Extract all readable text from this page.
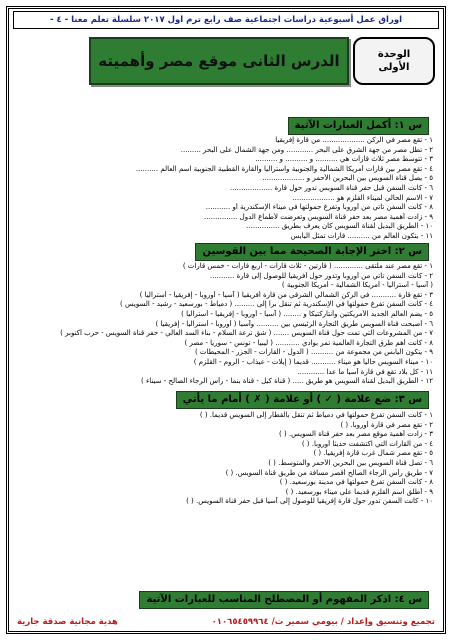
اوراق عمل أسبوعية دراسات اجتماعية صف رابع ترم اول ٢٠١٧ سلسلة تعلم معنا - ٤ -
الوحدة
الأولى
الدرس الثانى موقع مصر وأهميته
س ١: أكمل العبارات الآتية
١ - تقع مصر في الركن ................... من قارة إفريقيا
٢ - تطل مصر من جهة الشرق على البحر ............ ومن جهة الشمال على البحر .........
٣ - تتوسط مصر ثلاث قارات هي .......... و .......... و ..........
٤ - تقع مصر بين قارات أمريكا الشمالية والجنوبية واستراليا والقارة القطبية الجنوبية اسم العالم ..........
٥ - يصل قناة السويس بين البحرين الأحمر و ...................
٦ - كانت السفن قبل حفر قناة السويس تدور حول قارة ...................
٧ - الاسم الحالي لميناء القلزم هو ...................
٨ - كانت السفن تأتي من أوروبا وتفرغ حمولتها في ميناء الإسكندرية أو ...........
٩ - زادت أهمية مصر بعد حفر قناة السويس وتعرضت لأطماع الدول ...............
١٠ - الطريق البديل لقناة السويس كان يعرف بطريق ...............
١١ - يتكون العالم من .......... قارات تمثل اليابس
س ٢: اختر الإجابة الصحيحة مما بين القوسين
١ - تقع مصر عند ملتقى ............. ( قارتين - ثلاث قارات - أربع قارات - خمس قارات )
٢ - كانت السفن تأتي من أوروبا وتدور حول أفريقيا للوصول إلى قارة ...........
( آسيا - أستراليا - أمريكا الشمالية - أمريكا الجنوبية )
٣ - تقع قارة ........... في الركن الشمالي الشرقي من قارة أفريقيا ( آسيا - أوروبا - إفريقيا - أستراليا )
٤ - كانت السفن تفرغ حمولتها في الإسكندرية ثم تنقل برا إلى ......... ( دمياط - بورسعيد - رشيد - السويس )
٥ - يضم العالم الجديد الأمريكتين وأنتاركتيكا و ........ ( آسيا - أوروبا - إفريقيا - أستراليا )
٦ - أصبحت قناة السويس طريق التجارة الرئيسي بين .......... وآسيا ( أوروبا - أستراليا - إفريقيا )
٧ - من المشروعات التي تمت حول قناة السويس ....... ( شق ترعة السلام - بناء السد العالي - حفر قناة السويس - حرب أكتوبر )
٨ - كانت أهم طرق التجارة العالمية تمر بوادي ........... ( ليبيا - تونس - سوريا - مصر )
٩ - يتكون اليابس من مجموعة من .......... ( الدول - القارات - الجزر - المحيطات )
١٠ - ميناء السويس حاليا هو ميناء ........... قديما ( إيلات - عيذاب - الروم - القلزم )
١١ - كل بلاد تقع في قارة آسيا ما عدا ............
١٢ - الطريق البديل لقناة السويس هو طريق ..... ( قناة كيل - قناة بنما - رأس الرجاء الصالح - سيناء )
س ٣: ضع علامة ( ✓ ) أو علامة ( ✗ ) أمام ما يأتي
١ - كانت السفن تفرغ حمولتها في دمياط ثم تنقل بالقطار إلى السويس قديما. ( )
٢ - تقع مصر في قارة أوروبا. ( )
٣ - زادت أهمية موقع مصر بعد حفر قناة السويس. ( )
٤ - من القارات التي اكتشفت حديثا أوروبا. ( )
٥ - تقع مصر شمال غرب قارة إفريقيا. ( )
٦ - تصل قناة السويس بين البحرين الأحمر والمتوسط. ( )
٧ - طريق رأس الرجاء الصالح أقصر مسافة من طريق قناة السويس. ( )
٨ - كانت السفن تفرغ حمولتها في مدينة بورسعيد. ( )
٩ - أطلق اسم القلزم قديما على ميناء بورسعيد. ( )
١٠ - كانت السفن تدور حول قارة إفريقيا للوصول إلى آسيا قبل حفر قناة السويس. ( )
س ٤: اذكر المفهوم أو المصطلح المناسب للعبارات الآتية
تجميع وتنسيق وإعداد / بيومي سمير ت/ ٠١٠٦٥٤٥٩٩٦٤
هدية مجانية صدقة جارية
